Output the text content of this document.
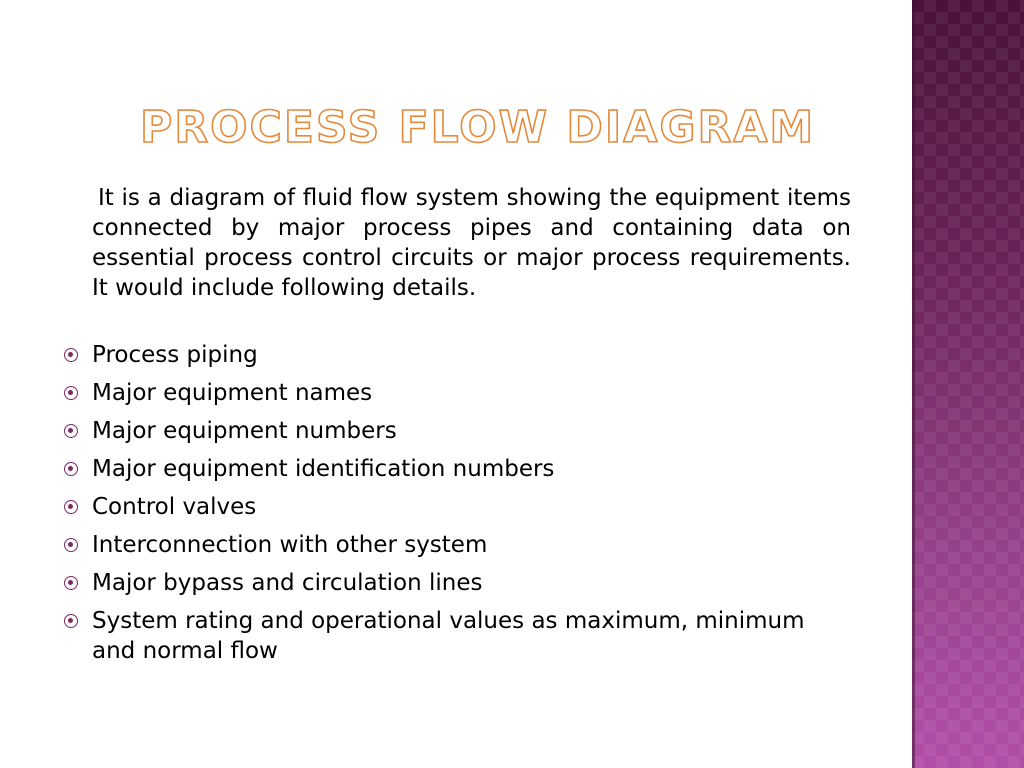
PROCESS FLOW DIAGRAM

It is a diagram of fluid flow system showing the equipment items connected by major process pipes and containing data on essential process control circuits or major process requirements. It would include following details.

Process piping
Major equipment names
Major equipment numbers
Major equipment identification numbers
Control valves
Interconnection with other system
Major bypass and circulation lines
System rating and operational values as maximum, minimum and normal flow
